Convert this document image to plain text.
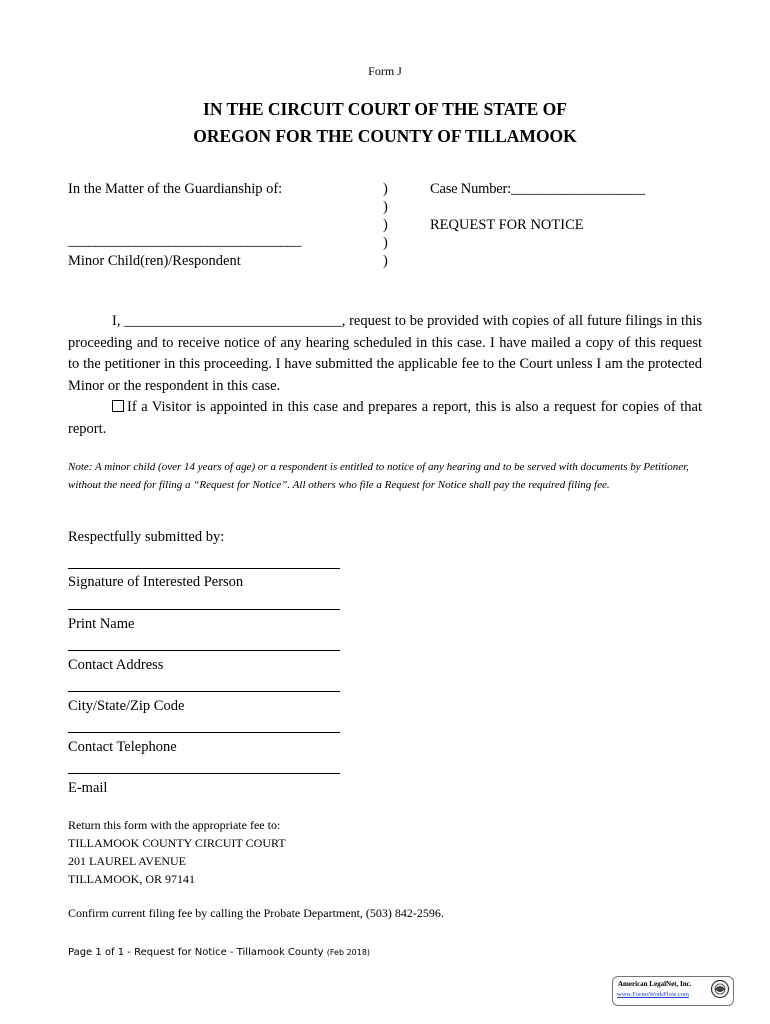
Form J
IN THE CIRCUIT COURT OF THE STATE OF
OREGON FOR THE COUNTY OF TILLAMOOK
In the Matter of the Guardianship of:
___________________________________
Minor Child(ren)/Respondent
)
)
)
)
)
Case Number:___________________
REQUEST FOR NOTICE
I, ______________________________, request to be provided with copies of all future filings in this proceeding and to receive notice of any hearing scheduled in this case. I have mailed a copy of this request to the petitioner in this proceeding. I have submitted the applicable fee to the Court unless I am the protected Minor or the respondent in this case.
If a Visitor is appointed in this case and prepares a report, this is also a request for copies of that report.
Note: A minor child (over 14 years of age) or a respondent is entitled to notice of any hearing and to be served with documents by Petitioner, without the need for filing a “Request for Notice”. All others who file a Request for Notice shall pay the required filing fee.
Respectfully submitted by:
Signature of Interested Person
Print Name
Contact Address
City/State/Zip Code
Contact Telephone
E-mail
Return this form with the appropriate fee to:
TILLAMOOK COUNTY CIRCUIT COURT
201 LAUREL AVENUE
TILLAMOOK, OR 97141
Confirm current filing fee by calling the Probate Department, (503) 842-2596.
Page 1 of 1 - Request for Notice - Tillamook County (Feb 2018)
American LegalNet, Inc.
www.FormsWorkFlow.com
